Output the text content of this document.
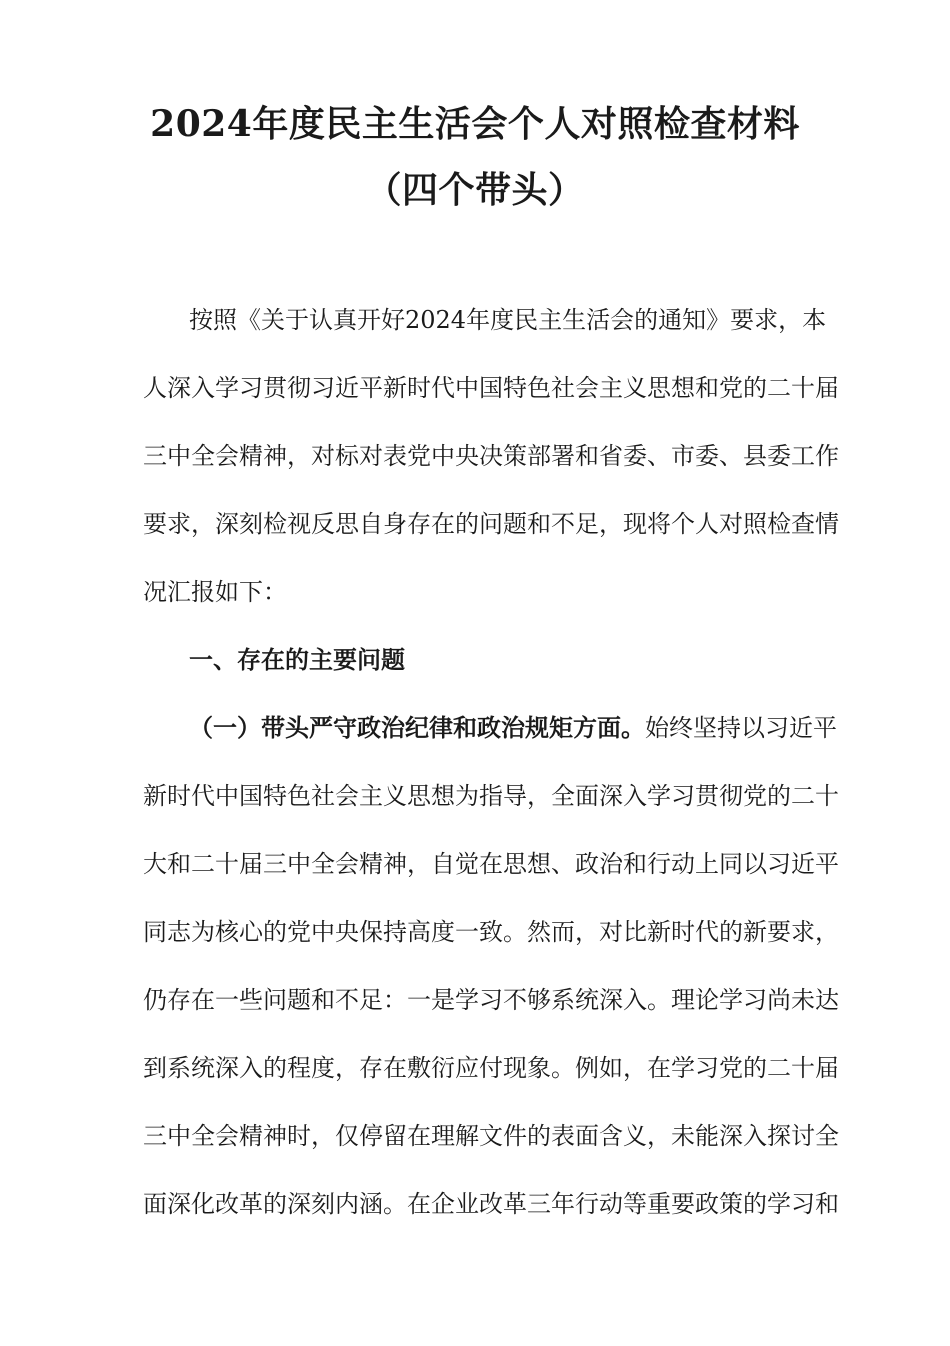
2024年度民主生活会个人对照检查材料
（四个带头）
按照《关于认真开好2024年度民主生活会的通知》要求，本
人深入学习贯彻习近平新时代中国特色社会主义思想和党的二十届
三中全会精神，对标对表党中央决策部署和省委、市委、县委工作
要求，深刻检视反思自身存在的问题和不足，现将个人对照检查情
况汇报如下：
一、存在的主要问题
（一）带头严守政治纪律和政治规矩方面。始终坚持以习近平
新时代中国特色社会主义思想为指导，全面深入学习贯彻党的二十
大和二十届三中全会精神，自觉在思想、政治和行动上同以习近平
同志为核心的党中央保持高度一致。然而，对比新时代的新要求，
仍存在一些问题和不足：一是学习不够系统深入。理论学习尚未达
到系统深入的程度，存在敷衍应付现象。例如，在学习党的二十届
三中全会精神时，仅停留在理解文件的表面含义，未能深入探讨全
面深化改革的深刻内涵。在企业改革三年行动等重要政策的学习和
